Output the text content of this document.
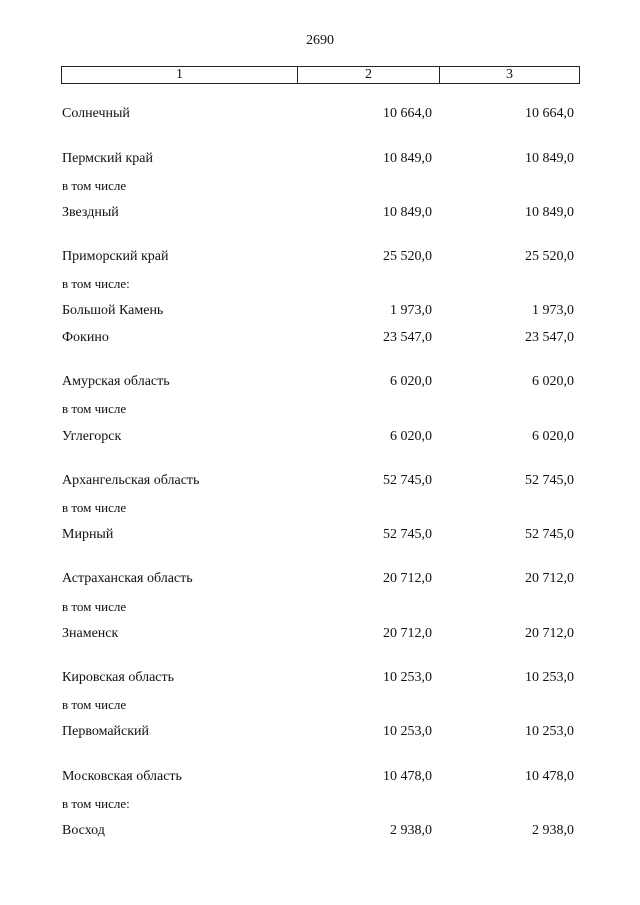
2690
1	2	3
Солнечный	10 664,0	10 664,0
Пермский край	10 849,0	10 849,0
в том числе
Звездный	10 849,0	10 849,0
Приморский край	25 520,0	25 520,0
в том числе:
Большой Камень	1 973,0	1 973,0
Фокино	23 547,0	23 547,0
Амурская область	6 020,0	6 020,0
в том числе
Углегорск	6 020,0	6 020,0
Архангельская область	52 745,0	52 745,0
в том числе
Мирный	52 745,0	52 745,0
Астраханская область	20 712,0	20 712,0
в том числе
Знаменск	20 712,0	20 712,0
Кировская область	10 253,0	10 253,0
в том числе
Первомайский	10 253,0	10 253,0
Московская область	10 478,0	10 478,0
в том числе:
Восход	2 938,0	2 938,0
